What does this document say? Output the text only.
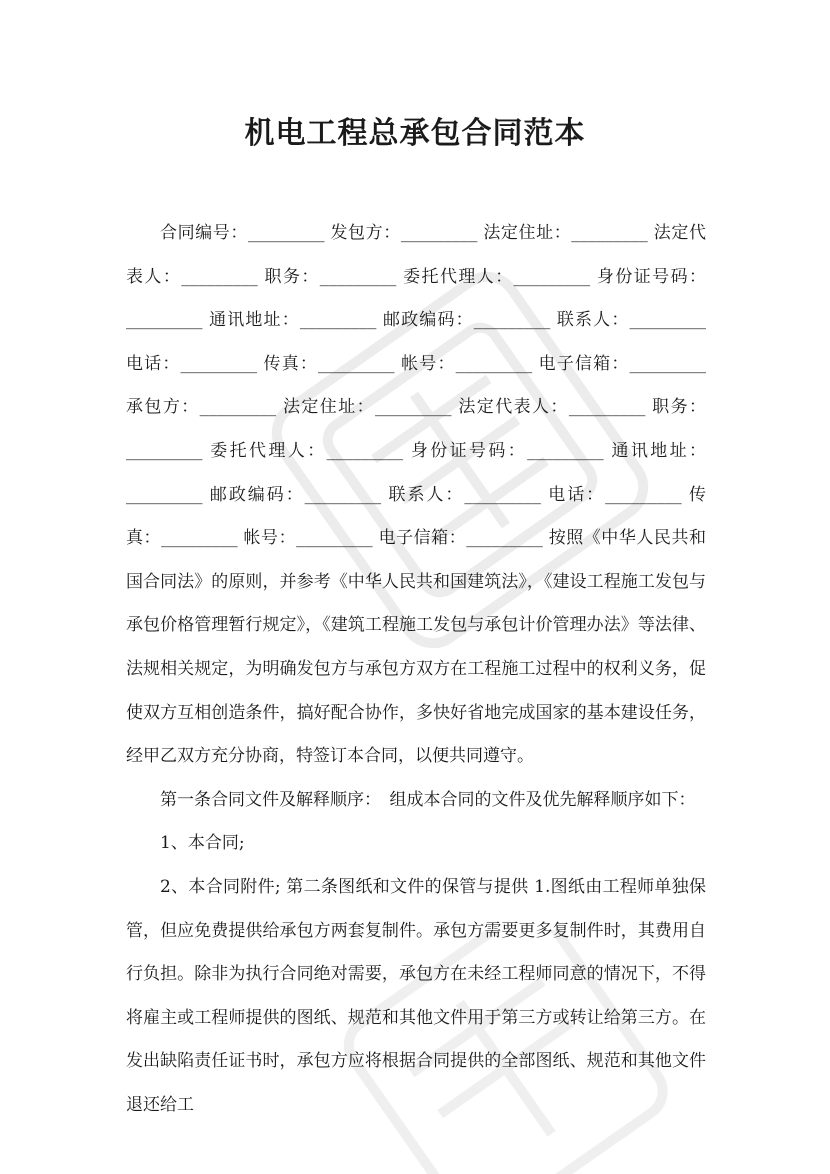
机电工程总承包合同范本

合同编号：_________ 发包方：_________ 法定住址：_________ 法定代表人：_________ 职务：_________ 委托代理人：_________ 身份证号码：_________ 通讯地址：_________ 邮政编码：_________ 联系人：_________ 电话：_________ 传真：_________ 帐号：_________ 电子信箱：_________ 承包方：_________ 法定住址：_________ 法定代表人：_________ 职务：_________ 委托代理人：_________ 身份证号码：_________ 通讯地址：_________ 邮政编码：_________ 联系人：_________ 电话：_________ 传真：_________ 帐号：_________ 电子信箱：_________ 按照《中华人民共和国合同法》的原则，并参考《中华人民共和国建筑法》，《建设工程施工发包与承包价格管理暂行规定》，《建筑工程施工发包与承包计价管理办法》等法律、法规相关规定，为明确发包方与承包方双方在工程施工过程中的权利义务，促使双方互相创造条件，搞好配合协作，多快好省地完成国家的基本建设任务，经甲乙双方充分协商，特签订本合同，以便共同遵守。

第一条合同文件及解释顺序：　组成本合同的文件及优先解释顺序如下：

1、本合同;

2、本合同附件; 第二条图纸和文件的保管与提供 1.图纸由工程师单独保管，但应免费提供给承包方两套复制件。承包方需要更多复制件时，其费用自行负担。除非为执行合同绝对需要，承包方在未经工程师同意的情况下，不得将雇主或工程师提供的图纸、规范和其他文件用于第三方或转让给第三方。在发出缺陷责任证书时，承包方应将根据合同提供的全部图纸、规范和其他文件退还给工
